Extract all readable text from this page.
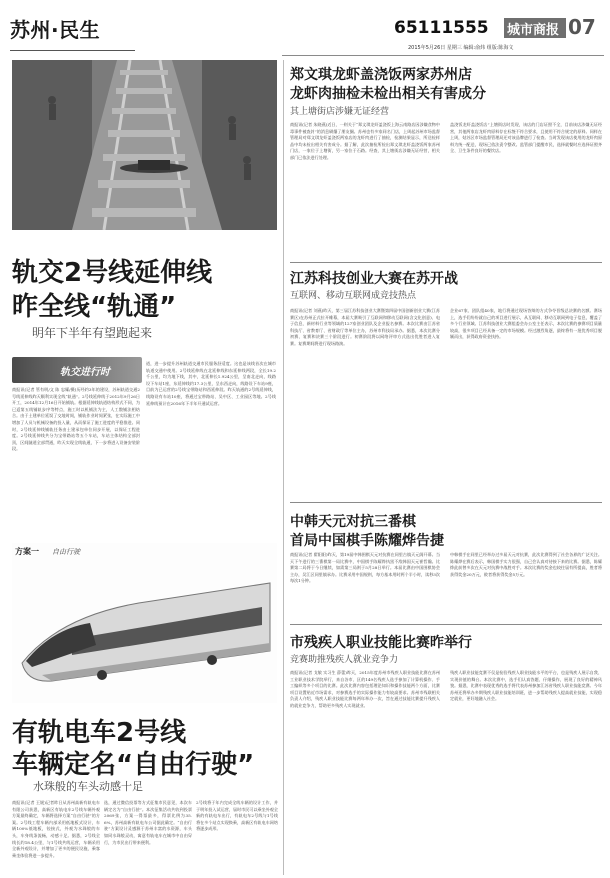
苏州·民生	65111555 城市商报 07
2015年5月26日 星期三 编辑:俞炜 组版:陈海文
轨交2号线延伸线
昨全线“轨通”
明年下半年有望跑起来
轨交进行时
商报讯(记者 管有明/文 陈 忠耀/摄)历经约3年的建设，苏州轨道交通2号线延伸线昨天顺利实现全线“轨通”。2号线延伸线于2012年9月26日开工，2014年12月16日开始铺轨。根据延伸线轨道结构形式不同，为已返第五线铺轨步序等特点，施工时以机铺法为主，人工散铺法相结合。由于土建单位延误了交地时间，铺轨作业时间紧张，在实际施工中增加了人员与机械设备的投入量，从而保证了施工进度的平稳推进。同时，2号线延伸线铺轨任务由土建承包单位同步开展，以保证工程进度。2号线延伸线共分为宝带路站等五个车站，车站主体结构全部封顶，区间隧道全部贯通，昨天实现全线轨通，下一步将进入设备安装阶段。
道，进一步提升苏州轨道交通市民服务舒适度。这也是该线首次在城市轨道交通中使用。2号线延伸线在北延伸线和东延伸线两段，全长19.2千公里，均为地下线，其中，北延伸长1.924公里，呈南北走向，线路设下车站1座，东延伸线约17.3公里，呈东西走向，线路设下车站9座，目前为已运营的2号线宝带路站和西延伸段。昨天轨通的2号线延伸线，线路设有车站10座，将通过宝带路站、吴中区、工业园区等地。2号线延伸线预计在2016年下半年开通试运营。
方案一 自由行驶
有轨电车2号线
车辆定名“自由行驶”
水珠般的车头动感十足
商报讯(记者 王媛)记者昨日从苏州高新有轨电车有限公司获悉，高新区有轨电车2号线车辆外观方案最终确定，车辆将选择方案“自由行驶”的方案。2号线工程车辆内部采用低地板式设计，车辆100%低地板，铰接式，外观为水珠般的车头，车身线条流畅，动感十足。据悉，2号线全线长约18.4公里，与1号线共线运营，车辆采用全新外观设计，并增加了更多的便民设施，乘客乘坐体验将进一步提升。
选，通过微信投票等方式征集市民意见，本次车辆定名为“自由行驶”。本次征集活动共收到投票2069张，方案一得票最多，得票比例为35.6%，苏州高新有轨电车公司据此确定。“自由行驶”方案设计灵感源于苏州丰富的水资源，车头如同水珠般灵动，寓意有轨电车在城市中自由穿行，为市民出行带来便利。
2号线将于年内完成全线车辆的设计工作，并于明年投入试运营，届时市民可以乘坐外观全新的有轨电车出行，有轨电车2号线与1号线将在多个站点实现换乘，高新区有轨电车网络将逐步成形。
郑文琪龙虾盖浇饭两家苏州店
龙虾肉抽检未检出相关有害成分
其上塘街店涉嫌无证经营
商报讯(记者 朱晓燕)近日，一则关于“郑文琪龙虾盖浇饭上海云南路店因涉嫌食物中毒事件被查封”的消息刷爆了朋友圈。苏州也有多家同名门店，上周起苏州市场监督管理局对郑文琪龙虾盖浇饭两家店的龙虾肉进行了抽检，检测结果显示，所送检样品中均未检出相关有害成分。据了解，此次抽检所检出郑文琪龙虾盖浇饭两家苏州门店，一家位于上塘街，另一家位于石路。经查，其上塘街店涉嫌无证经营，相关部门已依法进行处理。
盖浇饭龙虾盖浇饭店”上塘街店时发现，该店的门店证照不全，目前该店涉嫌无证经营，其他两家店龙虾肉原料存在标签不符合要求，且使用不符合规定的原料。同样在上周，姑苏区市场监督管理局还对该品牌进行了检查。当时发现该店使用的龙虾肉原料为统一配送，现场已依法责令整改。监管部门提醒市民，选择就餐时应选择证照齐全、卫生条件良好的餐饮店。
江苏科技创业大赛在苏开战
互联网、移动互联网成竞技热点
商报讯(记者 刘燕)昨天，第三届江苏科技创业大赛暨第四届中国创新创业大赛(江苏赛区)在苏州正式拉开帷幕，本届大赛吸引了互联网和移动互联网(含文化创意)、电子信息、新材料行业等领域的127家创业团队及企业报名参赛。本次比赛由江苏省科技厅、省教育厅、省财政厅等单位主办，苏州市科技局承办。据悉，本次比赛分初赛、复赛和决赛三个阶段进行。初赛阶段将以网络评审方式选出优胜者进入复赛。复赛期间将进行现场路演。
企业67家、团队组40家，地行将通过现场答辩的方式争夺晋级总决赛的名额。赛场上，选手们纷纷就自己的项目进行展示，从互联网、移动互联网到电子信息，覆盖了多个行业领域。江苏科技创业大赛组委会办公室主任表示，本次比赛的参赛项目质量较高，很多项目已经具备一定的市场规模。经过激烈角逐，最终将有一批优秀项目脱颖而出，获得政府资金扶持。
中韩天元对抗三番棋
首局中国棋手陈耀烨告捷
商报讯(记者 翟阳阳)昨天，第19届中韩围棋天元对抗赛在同里古镇天元阁开幕。当天下午进行的三番棋第一局比赛中，中国棋手陈耀烨执黑不敌韩国天元崔哲瀚。比赛第二局将于今日继续，如需第三局则于5月28日举行。本届比赛由中国围棋协会主办，吴江区同里镇承办。比赛采用中国规则，每方基本用时两个半小时，读秒3次每次1分钟。
中韩棋手在同里已经举办过多届天元对抗赛，此次比赛得到了社会各界的广泛关注。陈耀烨在赛后表示，韩国棋手实力很强，自己会认真对待接下来的比赛。据悉，陈耀烨此前曾多次在天元对抗赛中战胜对手。本次比赛的奖金也较往届有所提高，胜者将获得奖金20万元，败者将获得奖金5万元。
市残疾人职业技能比赛昨举行
竞赛助推残疾人就业竞争力
商报讯(记者 戈敏 实习生 薛蕾)昨天，2015年度苏州市残疾人职业技能比赛在苏州工业职业技术学院举行，来自各市、区的149名残疾人选手参加了计算机操作、手工编织等多个项目的比赛。此次比赛内容包括理论知识和操作技能两个方面，比赛项目设置贴近市场需求，对参赛选手的实际操作能力有较高要求。苏州市残联相关负责人介绍，残疾人职业技能比赛每两年举办一次，旨在通过技能比赛提升残疾人的就业竞争力，帮助更多残疾人实现就业。
残疾人职业技能竞赛不仅是检验残疾人职业技能水平的平台，也是残疾人展示自我、实现价值的舞台。本次比赛中，选手们认真答题、仔细操作，展现了良好的精神风貌。据悉，比赛中表现优秀的选手将代表苏州参加江苏省残疾人职业技能竞赛。今年苏州还将举办多期残疾人职业技能培训班，进一步帮助残疾人提高就业技能，实现稳定就业，更好地融入社会。
